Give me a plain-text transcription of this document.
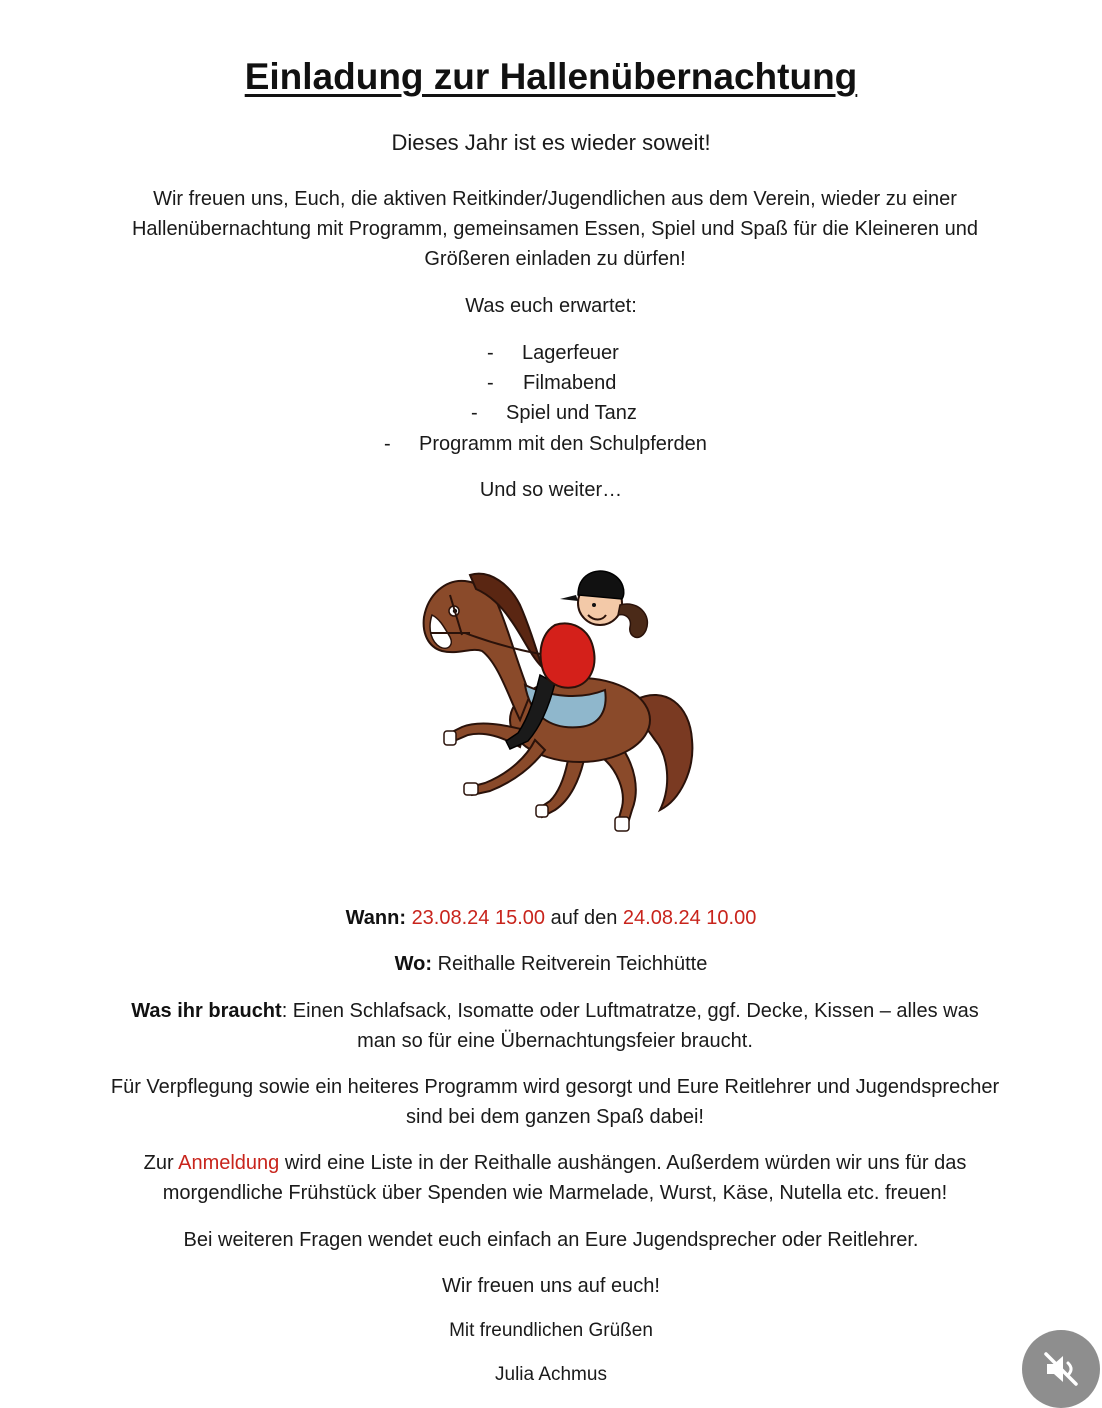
Einladung zur Hallenübernachtung
Dieses Jahr ist es wieder soweit!
Wir freuen uns, Euch, die aktiven Reitkinder/Jugendlichen aus dem Verein, wieder zu einer Hallenübernachtung mit Programm, gemeinsamen Essen, Spiel und Spaß für die Kleineren und Größeren einladen zu dürfen!
Was euch erwartet:
- Lagerfeuer
- Filmabend
- Spiel und Tanz
- Programm mit den Schulpferden
Und so weiter…
Wann: 23.08.24 15.00 auf den 24.08.24 10.00
Wo: Reithalle Reitverein Teichhütte
Was ihr braucht: Einen Schlafsack, Isomatte oder Luftmatratze, ggf. Decke, Kissen – alles was man so für eine Übernachtungsfeier braucht.
Für Verpflegung sowie ein heiteres Programm wird gesorgt und Eure Reitlehrer und Jugendsprecher sind bei dem ganzen Spaß dabei!
Zur Anmeldung wird eine Liste in der Reithalle aushängen. Außerdem würden wir uns für das morgendliche Frühstück über Spenden wie Marmelade, Wurst, Käse, Nutella etc. freuen!
Bei weiteren Fragen wendet euch einfach an Eure Jugendsprecher oder Reitlehrer.
Wir freuen uns auf euch!
Mit freundlichen Grüßen
Julia Achmus
